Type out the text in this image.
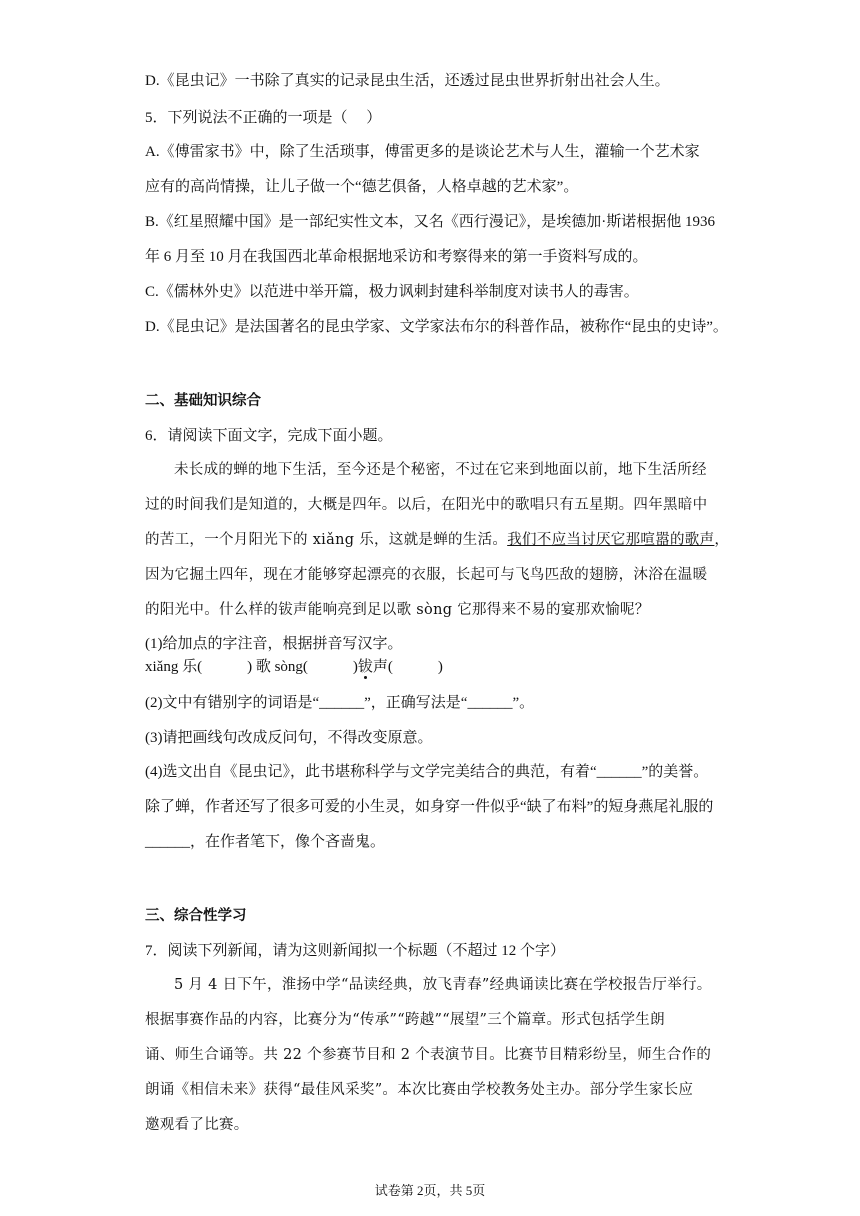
D.《昆虫记》一书除了真实的记录昆虫生活，还透过昆虫世界折射出社会人生。
5．下列说法不正确的一项是（　 ）
A.《傅雷家书》中，除了生活琐事，傅雷更多的是谈论艺术与人生，灌输一个艺术家
应有的高尚情操，让儿子做一个“德艺俱备，人格卓越的艺术家”。
B.《红星照耀中国》是一部纪实性文本，又名《西行漫记》，是埃德加·斯诺根据他 1936
年 6 月至 10 月在我国西北革命根据地采访和考察得来的第一手资料写成的。
C.《儒林外史》以范进中举开篇，极力讽刺封建科举制度对读书人的毒害。
D.《昆虫记》是法国著名的昆虫学家、文学家法布尔的科普作品，被称作“昆虫的史诗”。
二、基础知识综合
6．请阅读下面文字，完成下面小题。
未长成的蝉的地下生活，至今还是个秘密，不过在它来到地面以前，地下生活所经
过的时间我们是知道的，大概是四年。以后，在阳光中的歌唱只有五星期。四年黑暗中
的苦工，一个月阳光下的 xiǎng 乐，这就是蝉的生活。我们不应当讨厌它那喧嚣的歌声，
因为它掘土四年，现在才能够穿起漂亮的衣服，长起可与飞鸟匹敌的翅膀，沐浴在温暖
的阳光中。什么样的钹声能响亮到足以歌 sòng 它那得来不易的宴那欢愉呢？
(1)给加点的字注音，根据拼音写汉字。
xiǎng 乐(　　　) 歌 sòng(　　　)钹声(　　　)
(2)文中有错别字的词语是“______”，正确写法是“______”。
(3)请把画线句改成反问句，不得改变原意。
(4)选文出自《昆虫记》，此书堪称科学与文学完美结合的典范，有着“______”的美誉。
除了蝉，作者还写了很多可爱的小生灵，如身穿一件似乎“缺了布料”的短身燕尾礼服的
______，在作者笔下，像个吝啬鬼。
三、综合性学习
7．阅读下列新闻，请为这则新闻拟一个标题（不超过 12 个字）
5 月 4 日下午，淮扬中学“品读经典，放飞青春”经典诵读比赛在学校报告厅举行。
根据事赛作品的内容，比赛分为“传承”“跨越”“展望”三个篇章。形式包括学生朗
诵、师生合诵等。共 22 个参赛节目和 2 个表演节目。比赛节目精彩纷呈，师生合作的
朗诵《相信未来》获得“最佳风采奖”。本次比赛由学校教务处主办。部分学生家长应
邀观看了比赛。
试卷第 2页，共 5页
